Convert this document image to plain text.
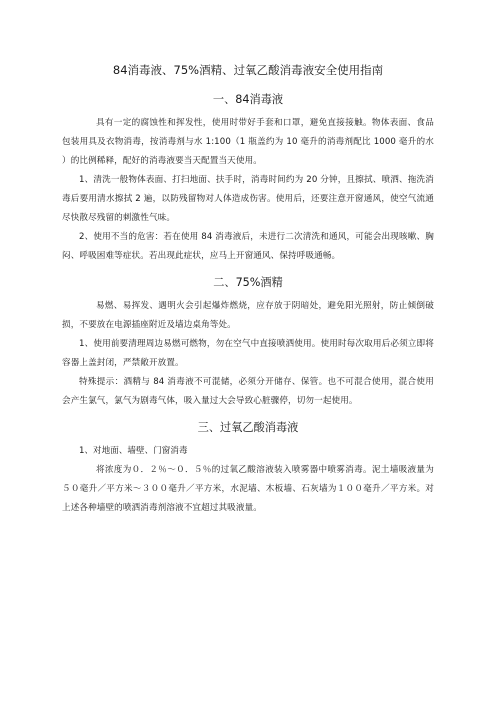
84消毒液、75%酒精、过氧乙酸消毒液安全使用指南
一、84消毒液

具有一定的腐蚀性和挥发性，使用时带好手套和口罩，避免直接接触。物体表面、食品包装用具及衣物消毒，按消毒剂与水 1:100（1 瓶盖约为 10 毫升的消毒剂配比 1000 毫升的水 ）的比例稀释，配好的消毒液要当天配置当天使用。

1、清洗一般物体表面、打扫地面、扶手时，消毒时间约为 20 分钟，且擦拭、喷洒、拖洗消毒后要用清水擦拭 2 遍，以防残留物对人体造成伤害。使用后，还要注意开窗通风，使空气流通尽快散尽残留的刺激性气味。

2、使用不当的危害：若在使用 84 消毒液后，未进行二次清洗和通风，可能会出现咳嗽、胸闷、呼吸困难等症状。若出现此症状，应马上开窗通风、保持呼吸通畅。

二、75%酒精

易燃、易挥发、遇明火会引起爆炸燃烧，应存放于阴暗处，避免阳光照射，防止倾倒破损，不要放在电源插座附近及墙边桌角等处。

1、使用前要清理周边易燃可燃物，勿在空气中直接喷洒使用。使用时每次取用后必须立即将容器上盖封闭，严禁敞开放置。

特殊提示：酒精与 84 消毒液不可混储，必须分开储存、保管。也不可混合使用，混合使用会产生氯气，氯气为剧毒气体，吸入量过大会导致心脏骤停，切勿一起使用。

三、过氧乙酸消毒液

1、对地面、墙壁、门窗消毒

将浓度为０．２％～０．５％的过氧乙酸溶液装入喷雾器中喷雾消毒。泥土墙吸液量为５０毫升／平方米～３００毫升／平方米，水泥墙、木板墙、石灰墙为１００毫升／平方米。对上述各种墙壁的喷洒消毒剂溶液不宜超过其吸液量。
